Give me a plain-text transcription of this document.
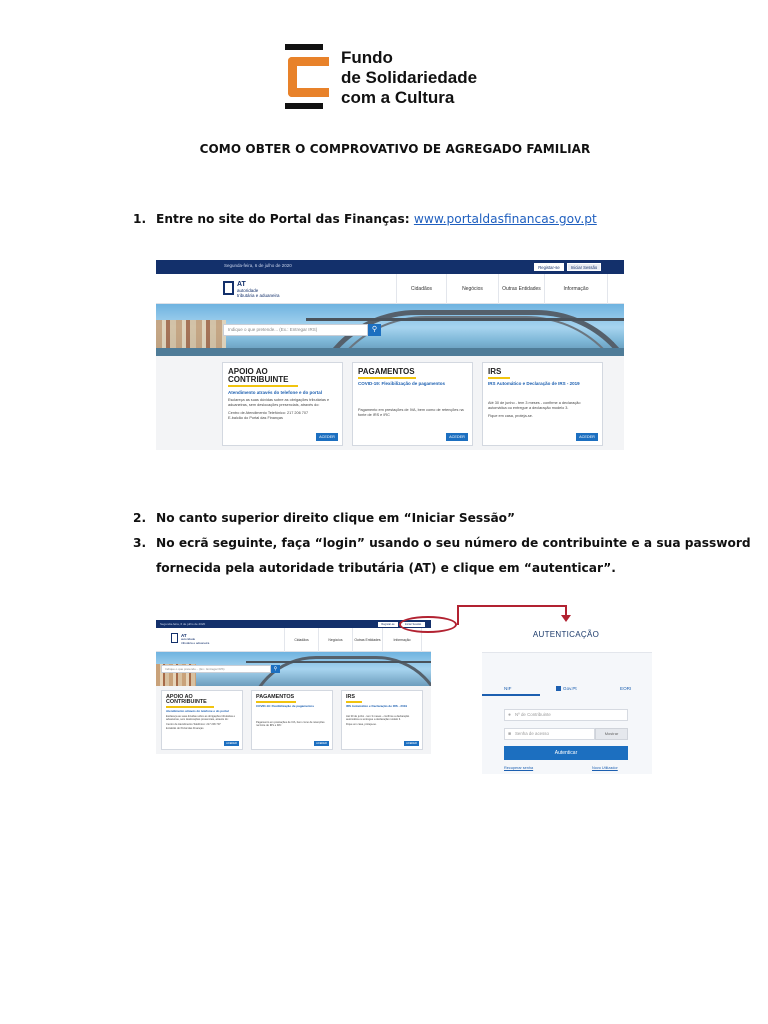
Fundo
de Solidariedade
com a Cultura
COMO OBTER O COMPROVATIVO DE AGREGADO FAMILIAR
1. Entre no site do Portal das Finanças: www.portaldasfinancas.gov.pt
Segunda-feira, 6 de julho de 2020	Registar-se	Iniciar Sessão
AT
autoridade
tributária e aduaneira
Cidadãos	Negócios	Outras Entidades	Informação
Indique o que pretende... (Ex.: Entregar IRS)	⚲
APOIO AO
CONTRIBUINTE
Atendimento através do telefone e do portal
Esclareça as suas dúvidas sobre as obrigações tributárias e aduaneiras, sem deslocações presenciais, através do:
Centro de Atendimento Telefónico: 217 206 707
E-balcão do Portal das Finanças
ACEDER
PAGAMENTOS
COVID-19: Flexibilização de pagamentos
Pagamento em prestações de IVA, bem como de retenções na fonte de IRS e IRC
ACEDER
IRS
IRS Automático e Declaração de IRS - 2019
Até 30 de junho - tem 3 meses - confirme a declaração automática ou entregue a declaração modelo 3.
Fique em casa, proteja-se.
ACEDER
2. No canto superior direito clique em “Iniciar Sessão”
3. No ecrã seguinte, faça “login” usando o seu número de contribuinte e a sua password
fornecida pela autoridade tributária (AT) e clique em “autenticar”.
Segunda-feira, 6 de julho de 2020	Registar-se	Iniciar Sessão
AT
autoridade
tributária e aduaneira
Cidadãos	Negócios	Outras Entidades	Informação
Indique o que pretende... (Ex.: Entregar IRS)	⚲
APOIO AO
CONTRIBUINTE
Atendimento através do telefone e do portal
Esclareça as suas dúvidas sobre as obrigações tributárias e aduaneiras, sem deslocações presenciais, através do:
Centro de Atendimento Telefónico: 217 206 707
E-balcão do Portal das Finanças
ACEDER
PAGAMENTOS
COVID-19: Flexibilização de pagamentos
Pagamento em prestações de IVA, bem como de retenções na fonte de IRS e IRC
ACEDER
IRS
IRS Automático e Declaração de IRS - 2019
Até 30 de junho - tem 3 meses - confirme a declaração automática ou entregue a declaração modelo 3.
Fique em casa, proteja-se.
ACEDER
AUTENTICAÇÃO
NIF	Gov.Pt	EORI
● Nº de Contribuinte
■ Senha de acesso	Mostrar
Autenticar
Recuperar senha	Novo Utilizador
